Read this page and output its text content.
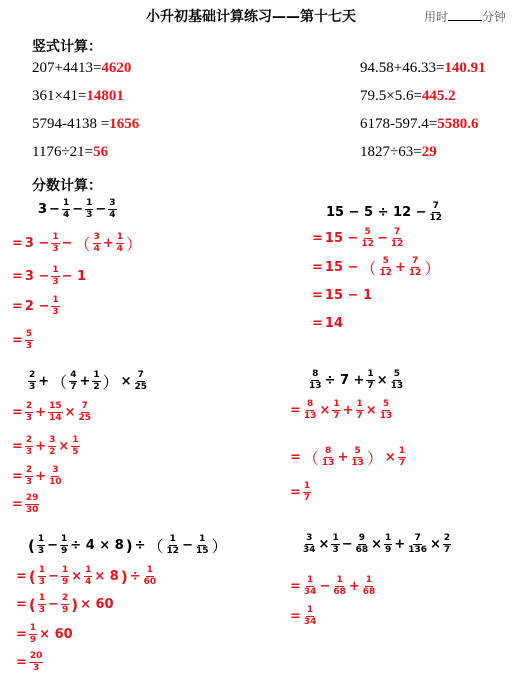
小升初基础计算练习——第十七天	用时	分钟
竖式计算：
207+4413=4620	94.58+46.33=140.91
361×41=14801	79.5×5.6=445.2
5794-4138 =1656	6178-597.4=5580.6
1176÷21=56	1827÷63=29
分数计算：
$3 - \frac{1}{4} - \frac{1}{3} - \frac{3}{4}$
= $3 - \frac{1}{3}$ − （ $\frac{3}{4} + \frac{1}{4}$ ）
= $3 - \frac{1}{3} - 1$
= $2 - \frac{1}{3}$
= $\frac{5}{3}$
$15 - 5 \div 12 - \frac{7}{12}$
= $15 - \frac{5}{12} - \frac{7}{12}$
= 15 − （ $\frac{5}{12} + \frac{7}{12}$ ）
= 15 − 1
= 14
$\frac{2}{3}$ + （ $\frac{4}{7} + \frac{1}{2}$ ） × $\frac{7}{25}$
= $\frac{2}{3} + \frac{15}{14} \times \frac{7}{25}$
= $\frac{2}{3} + \frac{3}{2} \times \frac{1}{5}$
= $\frac{2}{3} + \frac{3}{10}$
= $\frac{29}{30}$
$\frac{8}{13} \div 7 + \frac{1}{7} \times \frac{5}{13}$
= $\frac{8}{13} \times \frac{1}{7} + \frac{1}{7} \times \frac{5}{13}$
= （ $\frac{8}{13} + \frac{5}{13}$ ） × $\frac{1}{7}$
= $\frac{1}{7}$
( $\frac{1}{3} - \frac{1}{9} \div 4 \times 8$ ) ÷ （ $\frac{1}{12} - \frac{1}{15}$ ）
= ( $\frac{1}{3} - \frac{1}{9} \times \frac{1}{4} \times 8$ ) ÷ $\frac{1}{60}$
= ( $\frac{1}{3} - \frac{2}{9}$ ) × 60
= $\frac{1}{9} \times 60$
= $\frac{20}{3}$
$\frac{3}{34} \times \frac{1}{3} - \frac{9}{68} \times \frac{1}{9} + \frac{7}{136} \times \frac{2}{7}$
= $\frac{1}{34} - \frac{1}{68} + \frac{1}{68}$
= $\frac{1}{34}$
